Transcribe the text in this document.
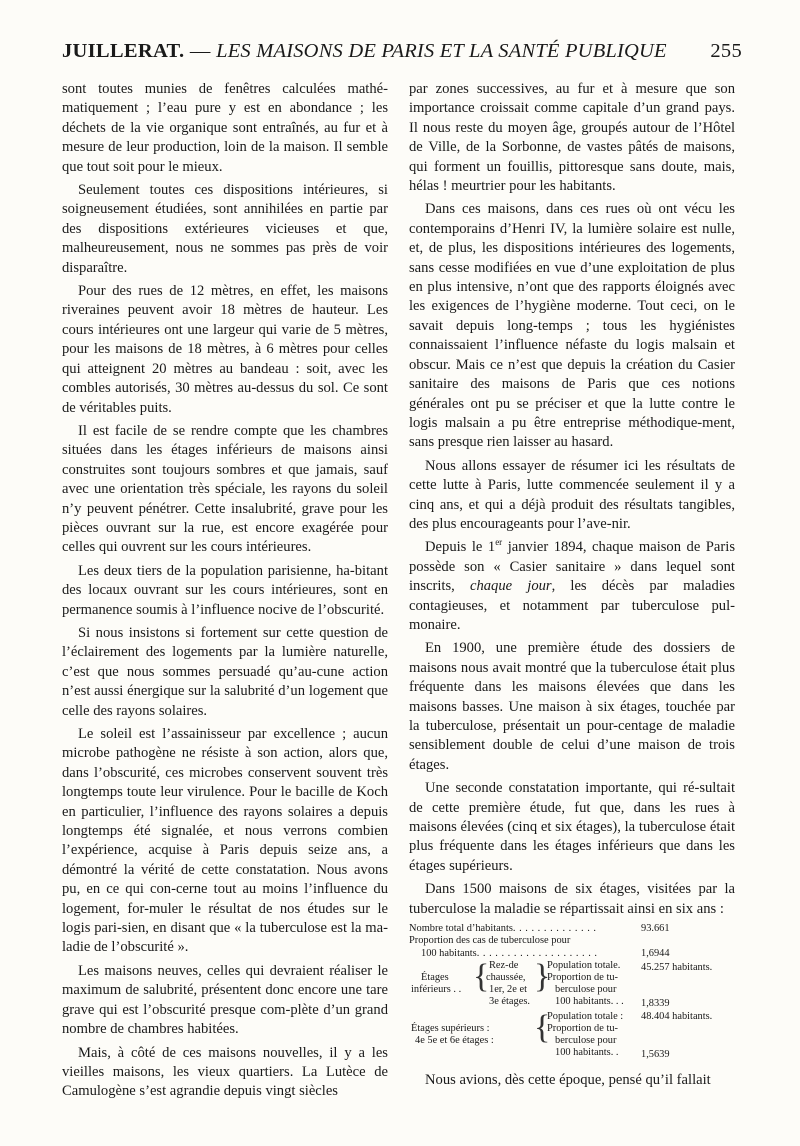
JUILLERAT. — LES MAISONS DE PARIS ET LA SANTÉ PUBLIQUE 255

sont toutes munies de fenêtres calculées mathé-matiquement ; l’eau pure y est en abondance ; les déchets de la vie organique sont entraînés, au fur et à mesure de leur production, loin de la maison. Il semble que tout soit pour le mieux.

Seulement toutes ces dispositions intérieures, si soigneusement étudiées, sont annihilées en partie par des dispositions extérieures vicieuses et que, malheureusement, nous ne sommes pas près de voir disparaître.

Pour des rues de 12 mètres, en effet, les maisons riveraines peuvent avoir 18 mètres de hauteur. Les cours intérieures ont une largeur qui varie de 5 mètres, pour les maisons de 18 mètres, à 6 mètres pour celles qui atteignent 20 mètres au bandeau : soit, avec les combles autorisés, 30 mètres au-dessus du sol. Ce sont de véritables puits.

Il est facile de se rendre compte que les chambres situées dans les étages inférieurs de maisons ainsi construites sont toujours sombres et que jamais, sauf avec une orientation très spéciale, les rayons du soleil n’y peuvent pénétrer. Cette insalubrité, grave pour les pièces ouvrant sur la rue, est encore exagérée pour celles qui ouvrent sur les cours intérieures.

Les deux tiers de la population parisienne, ha-bitant des locaux ouvrant sur les cours intérieures, sont en permanence soumis à l’influence nocive de l’obscurité.

Si nous insistons si fortement sur cette question de l’éclairement des logements par la lumière naturelle, c’est que nous sommes persuadé qu’au-cune action n’est aussi énergique sur la salubrité d’un logement que celle des rayons solaires.

Le soleil est l’assainisseur par excellence ; aucun microbe pathogène ne résiste à son action, alors que, dans l’obscurité, ces microbes conservent souvent très longtemps toute leur virulence. Pour le bacille de Koch en particulier, l’influence des rayons solaires a depuis longtemps été signalée, et nous verrons combien l’expérience, acquise à Paris depuis seize ans, a démontré la vérité de cette constatation. Nous avons pu, en ce qui con-cerne tout au moins l’influence du logement, for-muler le résultat de nos études sur le logis pari-sien, en disant que « la tuberculose est la ma-ladie de l’obscurité ».

Les maisons neuves, celles qui devraient réaliser le maximum de salubrité, présentent donc encore une tare grave qui est l’obscurité presque com-plète d’un grand nombre de chambres habitées.

Mais, à côté de ces maisons nouvelles, il y a les vieilles maisons, les vieux quartiers. La Lutèce de Camulogène s’est agrandie depuis vingt siècles

par zones successives, au fur et à mesure que son importance croissait comme capitale d’un grand pays. Il nous reste du moyen âge, groupés autour de l’Hôtel de Ville, de la Sorbonne, de vastes pâtés de maisons, qui forment un fouillis, pittoresque sans doute, mais, hélas ! meurtrier pour les habitants.

Dans ces maisons, dans ces rues où ont vécu les contemporains d’Henri IV, la lumière solaire est nulle, et, de plus, les dispositions intérieures des logements, sans cesse modifiées en vue d’une exploitation de plus en plus intensive, n’ont que des rapports éloignés avec les exigences de l’hygiène moderne. Tout ceci, on le savait depuis long-temps ; tous les hygiénistes connaissaient l’influence néfaste du logis malsain et obscur. Mais ce n’est que depuis la création du Casier sanitaire des maisons de Paris que ces notions générales ont pu se préciser et que la lutte contre le logis malsain a pu être entreprise méthodique-ment, sans presque rien laisser au hasard.

Nous allons essayer de résumer ici les résultats de cette lutte à Paris, lutte commencée seulement il y a cinq ans, et qui a déjà produit des résultats tangibles, des plus encourageants pour l’ave-nir.

Depuis le 1er janvier 1894, chaque maison de Paris possède son « Casier sanitaire » dans lequel sont inscrits, chaque jour, les décès par maladies contagieuses, et notamment par tuberculose pul-monaire.

En 1900, une première étude des dossiers de maisons nous avait montré que la tuberculose était plus fréquente dans les maisons élevées que dans les maisons basses. Une maison à six étages, touchée par la tuberculose, présentait un pour-centage de maladie sensiblement double de celui d’une maison de trois étages.

Une seconde constatation importante, qui ré-sultait de cette première étude, fut que, dans les rues à maisons élevées (cinq et six étages), la tuberculose était plus fréquente dans les étages inférieurs que dans les étages supérieurs.

Dans 1500 maisons de six étages, visitées par la tuberculose la maladie se répartissait ainsi en six ans :

Nombre total d’habitants. . . . . . . . . . . . . .	93.661
Proportion des cas de tuberculose pour
100 habitants. . . . . . . . . . . . . . . . . . . .	1,6944
Étages
inférieurs . . { Rez-de
chaussée,
1er, 2e et
3e étages.
}
Population totale. 45.257 habitants.
Proportion de tu-
berculose pour
100 habitants. . . 1,8339
Étages supérieurs :
4e 5e et 6e étages : {
Population totale : 48.404 habitants.
Proportion de tu-
berculose pour
100 habitants. . 1,5639

Nous avions, dès cette époque, pensé qu’il fallait
